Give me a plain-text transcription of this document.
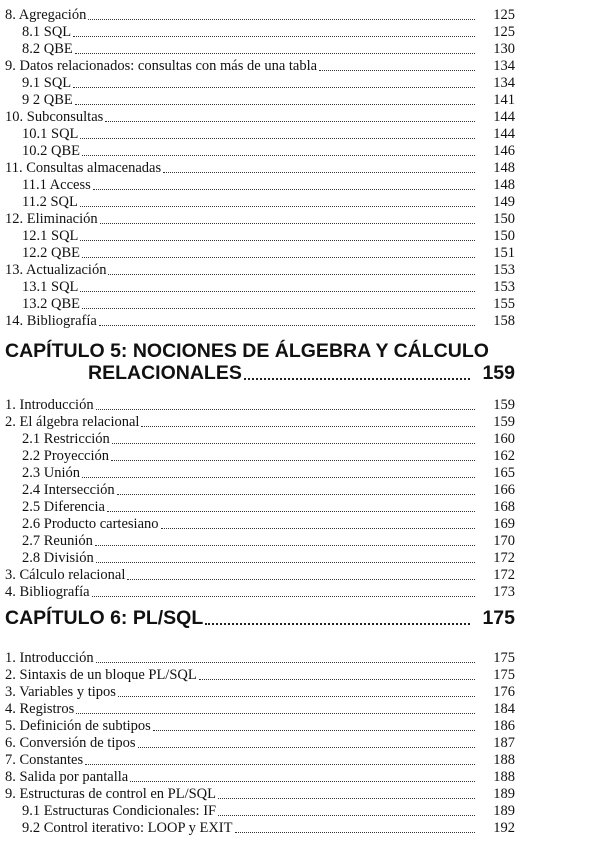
8. Agregación	125
8.1 SQL	125
8.2 QBE	130
9. Datos relacionados: consultas con más de una tabla	134
9.1 SQL	134
9 2 QBE	141
10. Subconsultas	144
10.1 SQL	144
10.2 QBE	146
11. Consultas almacenadas	148
11.1 Access	148
11.2 SQL	149
12. Eliminación	150
12.1 SQL	150
12.2 QBE	151
13. Actualización	153
13.1 SQL	153
13.2 QBE	155
14. Bibliografía	158
CAPÍTULO 5: NOCIONES DE ÁLGEBRA Y CÁLCULO
RELACIONALES	159
1. Introducción	159
2. El álgebra relacional	159
2.1 Restricción	160
2.2 Proyección	162
2.3 Unión	165
2.4 Intersección	166
2.5 Diferencia	168
2.6 Producto cartesiano	169
2.7 Reunión	170
2.8 División	172
3. Cálculo relacional	172
4. Bibliografía	173
CAPÍTULO 6: PL/SQL	175
1. Introducción	175
2. Sintaxis de un bloque PL/SQL	175
3. Variables y tipos	176
4. Registros	184
5. Definición de subtipos	186
6. Conversión de tipos	187
7. Constantes	188
8. Salida por pantalla	188
9. Estructuras de control en PL/SQL	189
9.1 Estructuras Condicionales: IF	189
9.2 Control iterativo: LOOP y EXIT	192
